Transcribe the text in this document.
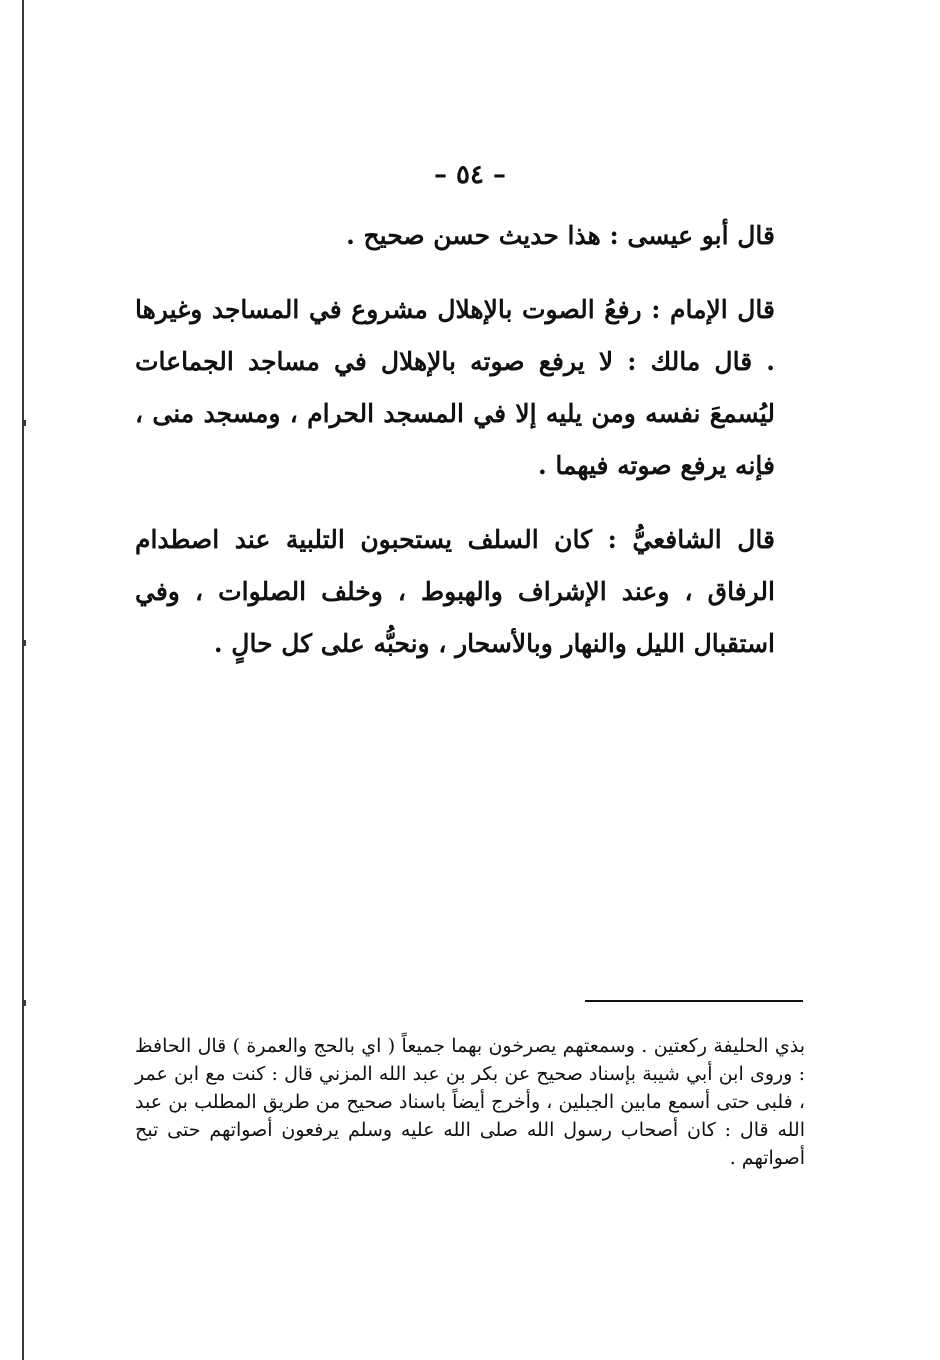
– ٥٤ –

قال أبو عيسى : هذا حديث حسن صحيح .

قال الإمام : رفعُ الصوت بالإهلال مشروع في المساجد وغيرها . قال مالك : لا يرفع صوته بالإهلال في مساجد الجماعات ليُسمعَ نفسه ومن يليه إلا في المسجد الحرام ، ومسجد منى ، فإنه يرفع صوته فيهما .

قال الشافعيُّ : كان السلف يستحبون التلبية عند اصطدام الرفاق ، وعند الإشراف والهبوط ، وخلف الصلوات ، وفي استقبال الليل والنهار وبالأسحار ، ونحبُّه على كل حالٍ .

بذي الحليفة ركعتين . وسمعتهم يصرخون بهما جميعاً ( اي بالحج والعمرة ) قال الحافظ : وروى ابن أبي شيبة بإسناد صحيح عن بكر بن عبد الله المزني قال : كنت مع ابن عمر ، فلبى حتى أسمع مابين الجبلين ، وأخرج أيضاً باسناد صحيح من طريق المطلب بن عبد الله قال : كان أصحاب رسول الله صلى الله عليه وسلم يرفعون أصواتهم حتى تبح أصواتهم .
